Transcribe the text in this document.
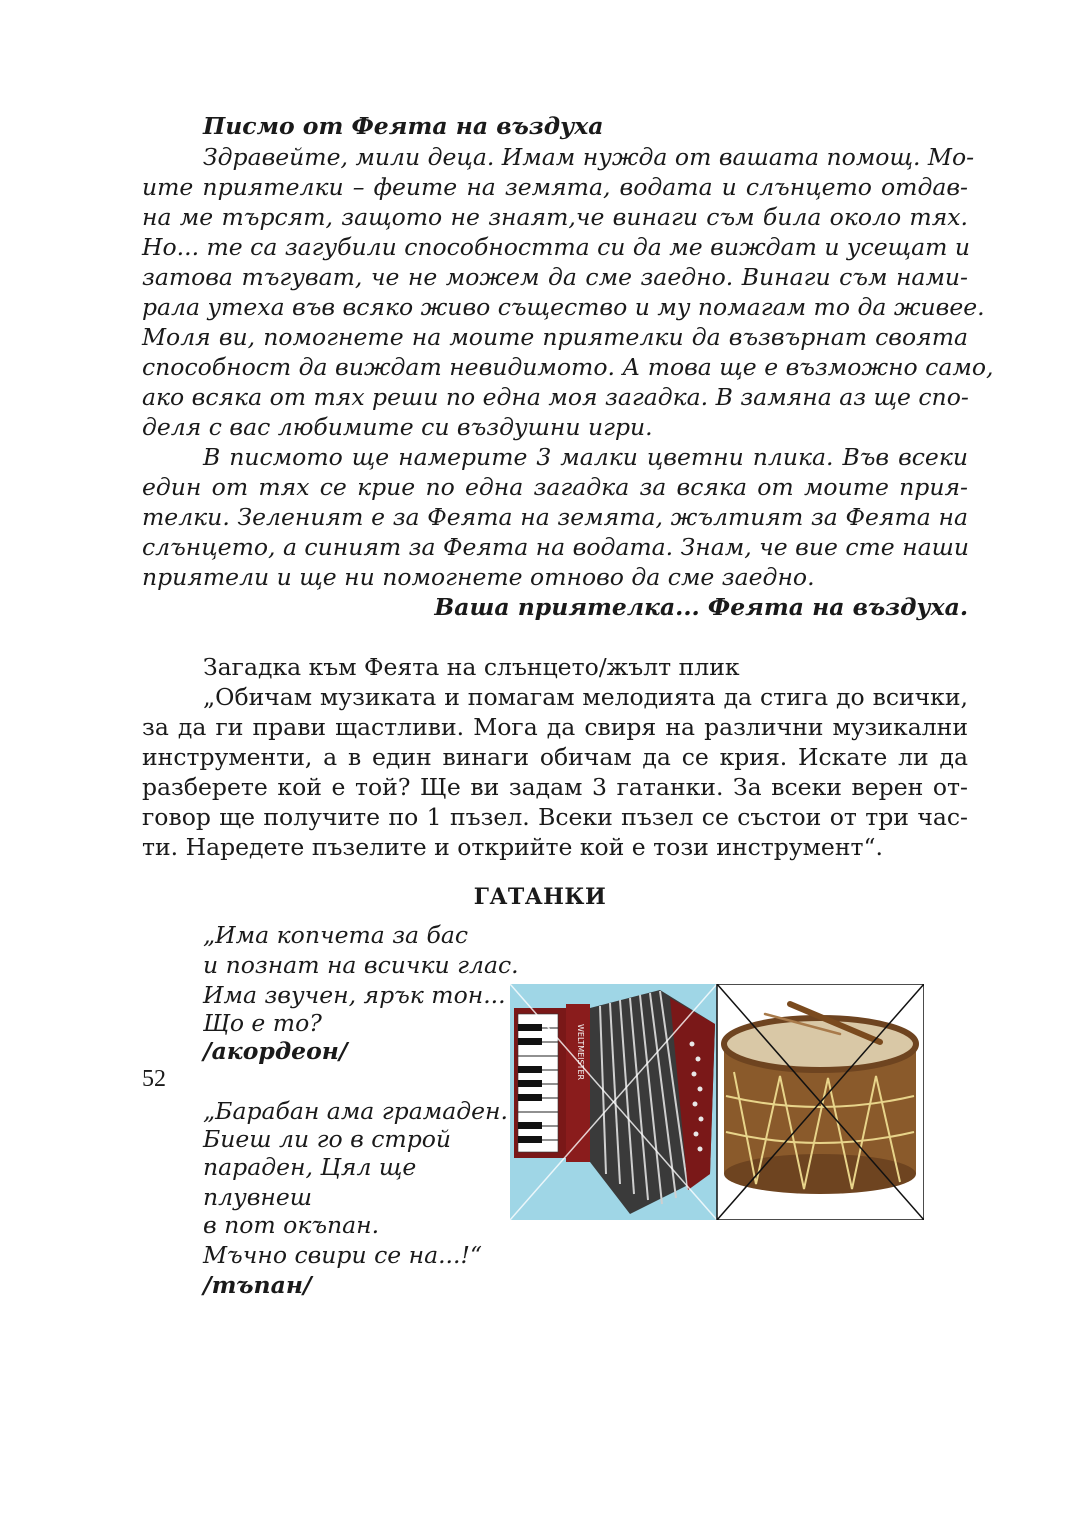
Писмо от Феята на въздуха
Здравейте, мили деца. Имам нужда от вашата помощ. Мо-
ите приятелки – феите на земята, водата и слънцето отдав-
на ме търсят, защото не знаят,че винаги съм била около тях.
Но... те са загубили способността си да ме виждат и усещат и
затова тъгуват, че не можем да сме заедно. Винаги съм нами-
рала утеха във всяко живо същество и му помагам то да живее.
Моля ви, помогнете на моите приятелки да възвърнат своята
способност да виждат невидимото. А това ще е възможно само,
ако всяка от тях реши по една моя загадка. В замяна аз ще спо-
деля с вас любимите си въздушни игри.
В писмото ще намерите 3 малки цветни плика. Във всеки
един от тях се крие по една загадка за всяка от моите прия-
телки. Зеленият е за Феята на земята, жълтият за Феята на
слънцето, а синият за Феята на водата. Знам, че вие сте наши
приятели и ще ни помогнете отново да сме заедно.
Ваша приятелка... Феята на въздуха.
Загадка към Феята на слънцето/жълт плик
„Обичам музиката и помагам мелодията да стига до всички,
за да ги прави щастливи. Мога да свиря на различни музикални
инструменти, а в един винаги обичам да се крия. Искате ли да
разберете кой е той? Ще ви задам 3 гатанки. За всеки верен от-
говор ще получите по 1 пъзел. Всеки пъзел се състои от три час-
ти. Наредете пъзелите и открийте кой е този инструмент“.
ГАТАНКИ
„Има копчета за бас
и познат на всички глас.
Има звучен, ярък тон...
Що е то?
/акордеон/
„Барабан ама грамаден.
Биеш ли го в строй
параден, Цял ще
плувнеш
в пот окъпан.
Мъчно свири се на...!“
/тъпан/
WELTMEISTER
52
